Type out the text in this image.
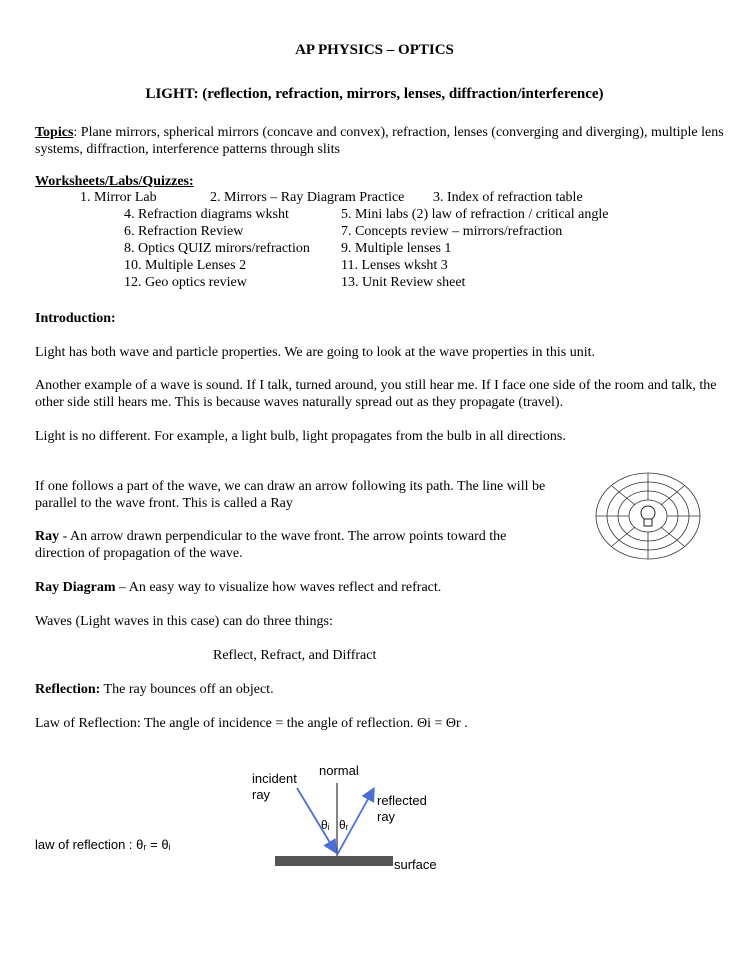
AP PHYSICS – OPTICS
LIGHT: (reflection, refraction, mirrors, lenses, diffraction/interference)
Topics: Plane mirrors, spherical mirrors (concave and convex), refraction, lenses (converging and diverging), multiple lens systems, diffraction, interference patterns through slits
Worksheets/Labs/Quizzes:
1. Mirror Lab	2. Mirrors – Ray Diagram Practice 3. Index of refraction table
4. Refraction diagrams wksht
6. Refraction Review
8. Optics QUIZ mirors/refraction
10. Multiple Lenses 2
12. Geo optics review
5. Mini labs (2) law of refraction / critical angle
7. Concepts review – mirrors/refraction
9. Multiple lenses 1
11. Lenses wksht 3
13. Unit Review sheet
Introduction:
Light has both wave and particle properties. We are going to look at the wave properties in this unit.
Another example of a wave is sound. If I talk, turned around, you still hear me. If I face one side of the room and talk, the other side still hears me. This is because waves naturally spread out as they propagate (travel).
Light is no different. For example, a light bulb, light propagates from the bulb in all directions.
If one follows a part of the wave, we can draw an arrow following its path. The line will be parallel to the wave front. This is called a Ray
Ray - An arrow drawn perpendicular to the wave front. The arrow points toward the direction of propagation of the wave.
Ray Diagram – An easy way to visualize how waves reflect and refract.
Waves (Light waves in this case) can do three things:
Reflect, Refract, and Diffract
Reflection: The ray bounces off an object.
Law of Reflection: The angle of incidence = the angle of reflection. Θi = Θr .
incident
ray
normal
reflected
ray
θᵢ θᵣ
law of reflection : θᵣ = θᵢ
surface
